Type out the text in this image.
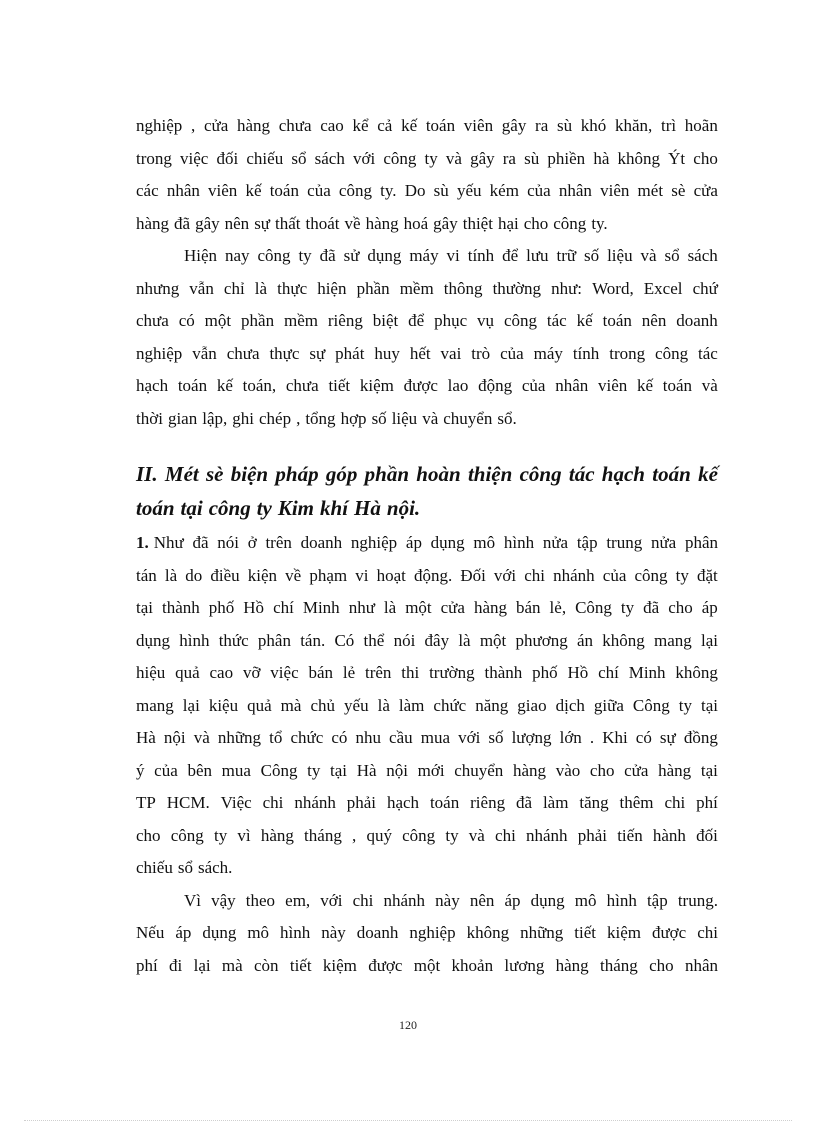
nghiệp , cửa hàng chưa cao kể cả kế toán viên gây ra sù khó khăn, trì hoãn
trong việc đối chiếu sổ sách với công ty và gây ra sù phiền hà không Ýt cho
các nhân viên kế toán của công ty. Do sù yếu kém của nhân viên mét sè cửa
hàng đã gây nên sự thất thoát về hàng hoá gây thiệt hại cho công ty.
Hiện nay công ty đã sử dụng máy vi tính để lưu trữ số liệu và sổ sách
nhưng vẫn chỉ là thực hiện phần mềm thông thường như: Word, Excel chứ
chưa có một phần mềm riêng biệt để phục vụ công tác kế toán nên doanh
nghiệp vẫn chưa thực sự phát huy hết vai trò của máy tính trong công tác
hạch toán kế toán, chưa tiết kiệm được lao động của nhân viên kế toán và
thời gian lập, ghi chép , tổng hợp số liệu và chuyển sổ.
II. Mét sè biện pháp góp phần hoàn thiện công tác hạch toán kế
toán tại công ty Kim khí Hà nội.
1. Như đã nói ở trên doanh nghiệp áp dụng mô hình nửa tập trung nửa phân
tán là do điều kiện về phạm vi hoạt động. Đối với chi nhánh của công ty đặt
tại thành phố Hồ chí Minh như là một cửa hàng bán lẻ, Công ty đã cho áp
dụng hình thức phân tán. Có thể nói đây là một phương án không mang lại
hiệu quả cao vỡ việc bán lẻ trên thi trường thành phố Hồ chí Minh không
mang lại kiệu quả mà chủ yếu là làm chức năng giao dịch giữa Công ty tại
Hà nội và những tổ chức có nhu cầu mua với số lượng lớn . Khi có sự đồng
ý của bên mua Công ty tại Hà nội mới chuyển hàng vào cho cửa hàng tại
TP HCM. Việc chi nhánh phải hạch toán riêng đã làm tăng thêm chi phí
cho công ty vì hàng tháng , quý công ty và chi nhánh phải tiến hành đối
chiếu sổ sách.
Vì vậy theo em, với chi nhánh này nên áp dụng mô hình tập trung.
Nếu áp dụng mô hình này doanh nghiệp không những tiết kiệm được chi
phí đi lại mà còn tiết kiệm được một khoản lương hàng tháng cho nhân
120
